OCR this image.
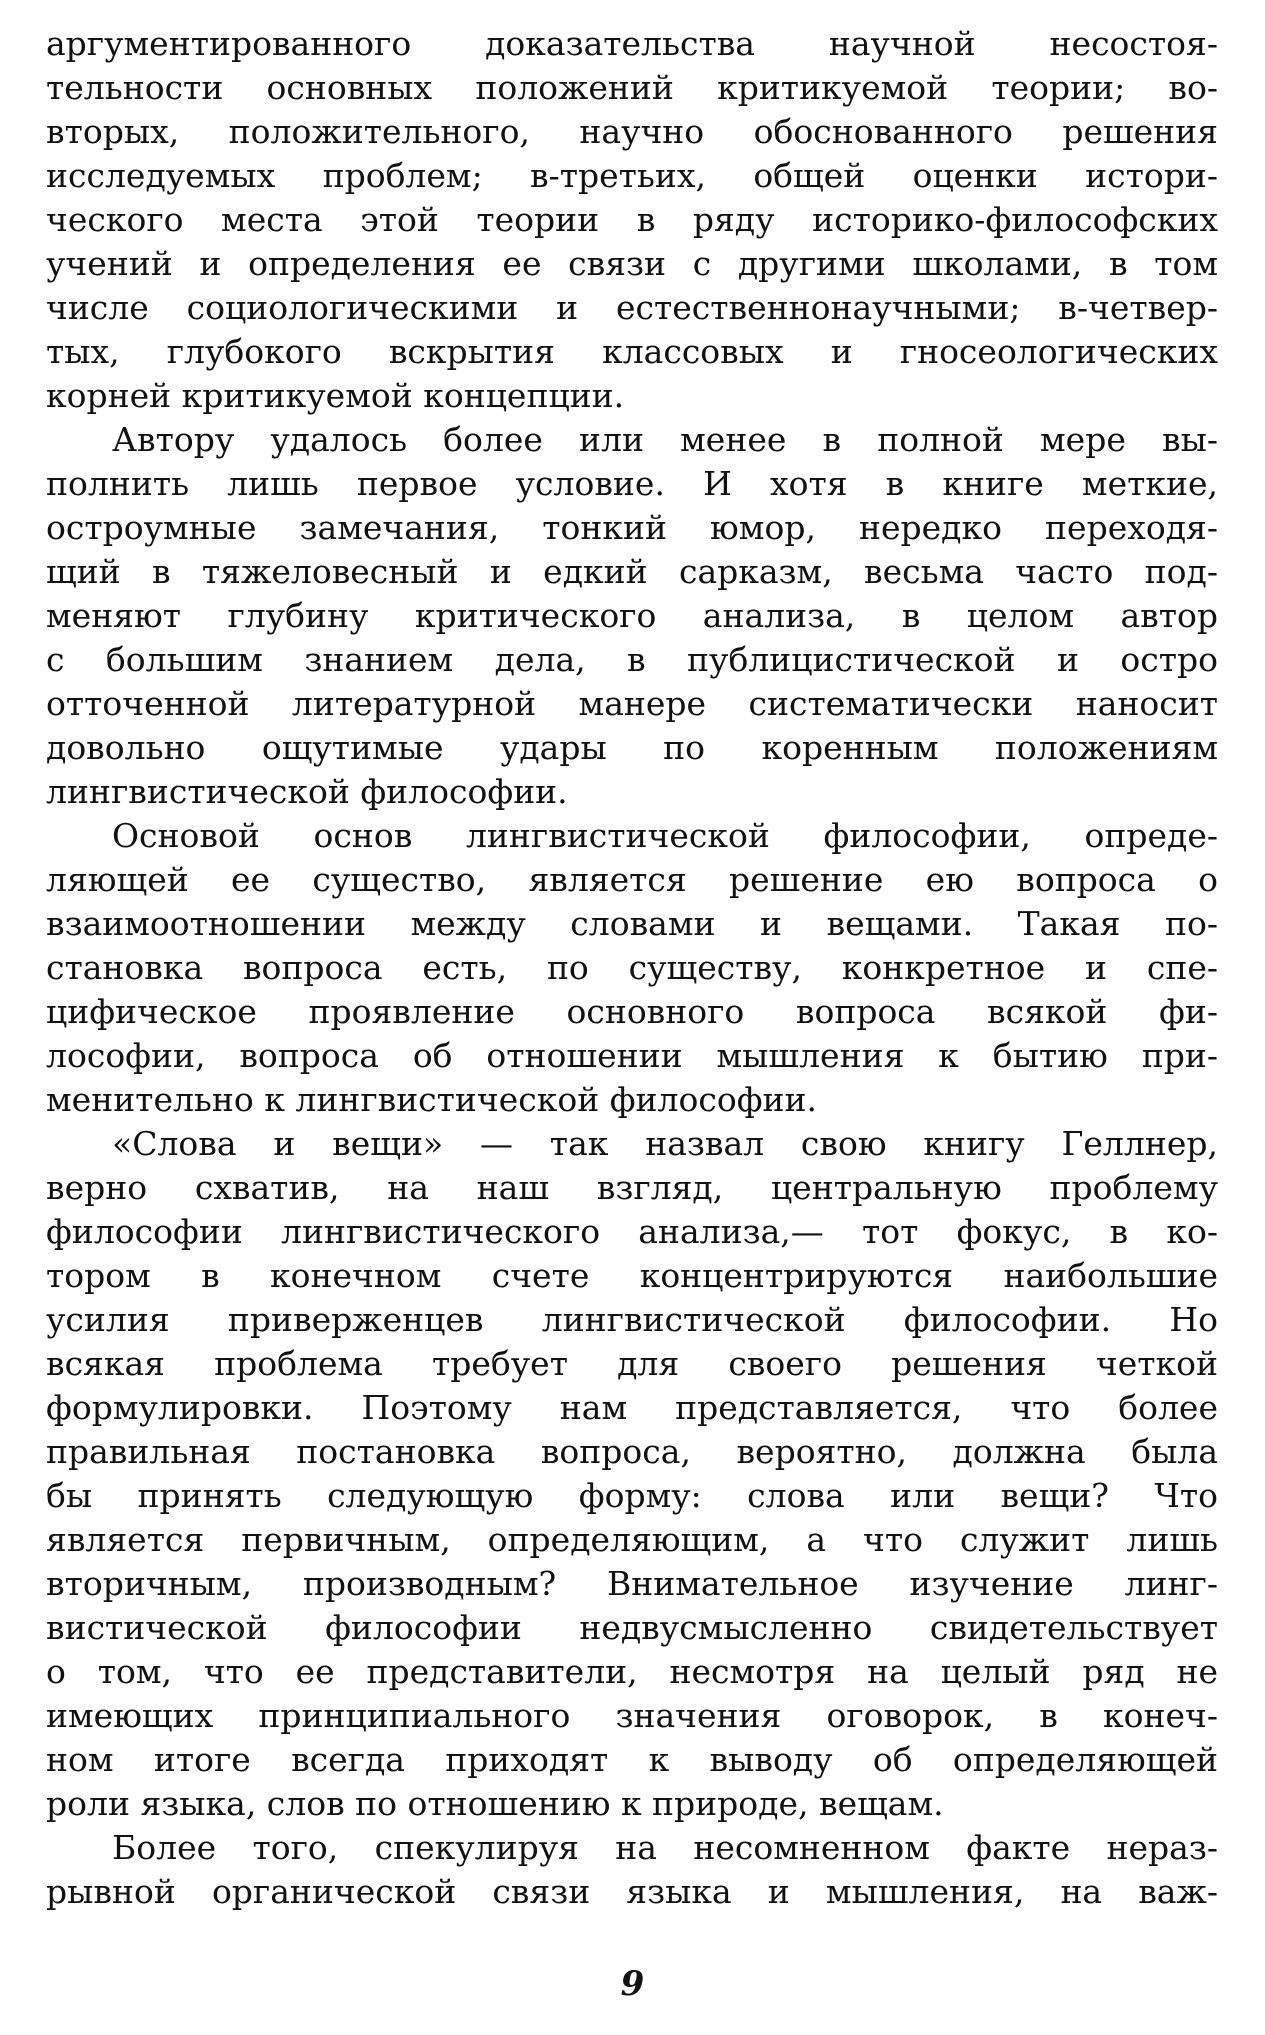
аргументированного доказательства научной несостоя-
тельности основных положений критикуемой теории; во-
вторых, положительного, научно обоснованного решения
исследуемых проблем; в-третьих, общей оценки истори-
ческого места этой теории в ряду историко-философских
учений и определения ее связи с другими школами, в том
числе социологическими и естественнонаучными; в-четвер-
тых, глубокого вскрытия классовых и гносеологических
корней критикуемой концепции.
Автору удалось более или менее в полной мере вы-
полнить лишь первое условие. И хотя в книге меткие,
остроумные замечания, тонкий юмор, нередко переходя-
щий в тяжеловесный и едкий сарказм, весьма часто под-
меняют глубину критического анализа, в целом автор
с большим знанием дела, в публицистической и остро
отточенной литературной манере систематически наносит
довольно ощутимые удары по коренным положениям
лингвистической философии.
Основой основ лингвистической философии, опреде-
ляющей ее существо, является решение ею вопроса о
взаимоотношении между словами и вещами. Такая по-
становка вопроса есть, по существу, конкретное и спе-
цифическое проявление основного вопроса всякой фи-
лософии, вопроса об отношении мышления к бытию при-
менительно к лингвистической философии.
«Слова и вещи» — так назвал свою книгу Геллнер,
верно схватив, на наш взгляд, центральную проблему
философии лингвистического анализа,— тот фокус, в ко-
тором в конечном счете концентрируются наибольшие
усилия приверженцев лингвистической философии. Но
всякая проблема требует для своего решения четкой
формулировки. Поэтому нам представляется, что более
правильная постановка вопроса, вероятно, должна была
бы принять следующую форму: слова или вещи? Что
является первичным, определяющим, а что служит лишь
вторичным, производным? Внимательное изучение линг-
вистической философии недвусмысленно свидетельствует
о том, что ее представители, несмотря на целый ряд не
имеющих принципиального значения оговорок, в конеч-
ном итоге всегда приходят к выводу об определяющей
роли языка, слов по отношению к природе, вещам.
Более того, спекулируя на несомненном факте нераз-
рывной органической связи языка и мышления, на важ-
9
